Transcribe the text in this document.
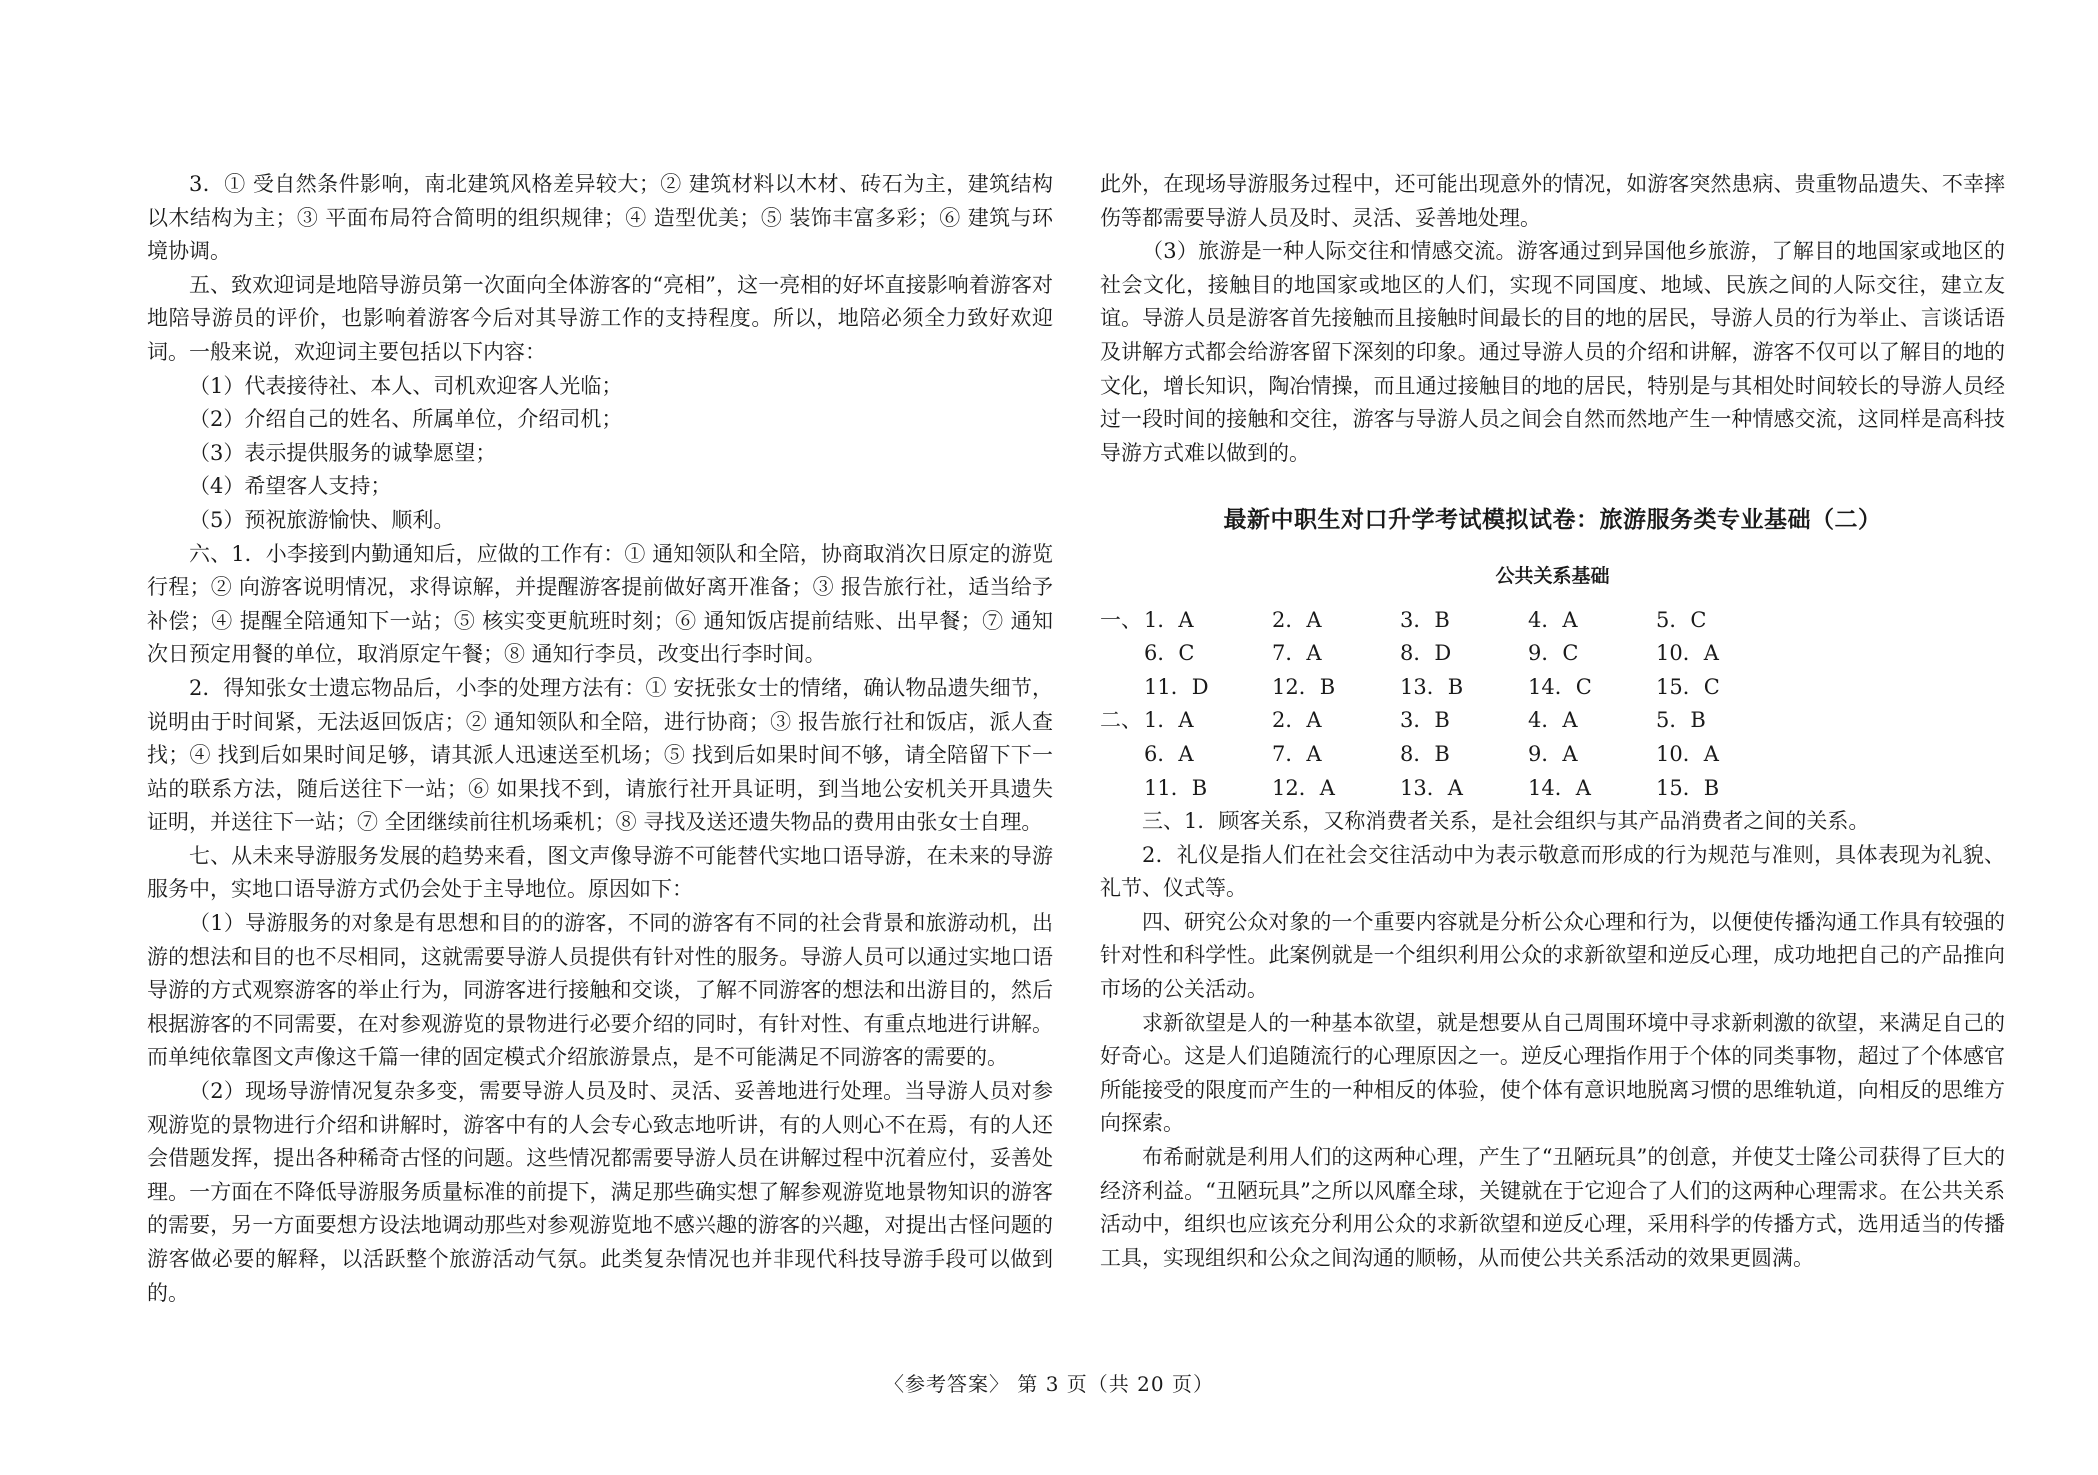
3．① 受自然条件影响，南北建筑风格差异较大；② 建筑材料以木材、砖石为主，建筑结构以木结构为主；③ 平面布局符合简明的组织规律；④ 造型优美；⑤ 装饰丰富多彩；⑥ 建筑与环境协调。

五、致欢迎词是地陪导游员第一次面向全体游客的“亮相”，这一亮相的好坏直接影响着游客对地陪导游员的评价，也影响着游客今后对其导游工作的支持程度。所以，地陪必须全力致好欢迎词。一般来说，欢迎词主要包括以下内容：

（1）代表接待社、本人、司机欢迎客人光临；

（2）介绍自己的姓名、所属单位，介绍司机；

（3）表示提供服务的诚挚愿望；

（4）希望客人支持；

（5）预祝旅游愉快、顺利。

六、1．小李接到内勤通知后，应做的工作有：① 通知领队和全陪，协商取消次日原定的游览行程；② 向游客说明情况，求得谅解，并提醒游客提前做好离开准备；③ 报告旅行社，适当给予补偿；④ 提醒全陪通知下一站；⑤ 核实变更航班时刻；⑥ 通知饭店提前结账、出早餐；⑦ 通知次日预定用餐的单位，取消原定午餐；⑧ 通知行李员，改变出行李时间。

2．得知张女士遗忘物品后，小李的处理方法有：① 安抚张女士的情绪，确认物品遗失细节，说明由于时间紧，无法返回饭店；② 通知领队和全陪，进行协商；③ 报告旅行社和饭店，派人查找；④ 找到后如果时间足够，请其派人迅速送至机场；⑤ 找到后如果时间不够，请全陪留下下一站的联系方法，随后送往下一站；⑥ 如果找不到，请旅行社开具证明，到当地公安机关开具遗失证明，并送往下一站；⑦ 全团继续前往机场乘机；⑧ 寻找及送还遗失物品的费用由张女士自理。

七、从未来导游服务发展的趋势来看，图文声像导游不可能替代实地口语导游，在未来的导游服务中，实地口语导游方式仍会处于主导地位。原因如下：

（1）导游服务的对象是有思想和目的的游客，不同的游客有不同的社会背景和旅游动机，出游的想法和目的也不尽相同，这就需要导游人员提供有针对性的服务。导游人员可以通过实地口语导游的方式观察游客的举止行为，同游客进行接触和交谈，了解不同游客的想法和出游目的，然后根据游客的不同需要，在对参观游览的景物进行必要介绍的同时，有针对性、有重点地进行讲解。而单纯依靠图文声像这千篇一律的固定模式介绍旅游景点，是不可能满足不同游客的需要的。

（2）现场导游情况复杂多变，需要导游人员及时、灵活、妥善地进行处理。当导游人员对参观游览的景物进行介绍和讲解时，游客中有的人会专心致志地听讲，有的人则心不在焉，有的人还会借题发挥，提出各种稀奇古怪的问题。这些情况都需要导游人员在讲解过程中沉着应付，妥善处理。一方面在不降低导游服务质量标准的前提下，满足那些确实想了解参观游览地景物知识的游客的需要，另一方面要想方设法地调动那些对参观游览地不感兴趣的游客的兴趣，对提出古怪问题的游客做必要的解释，以活跃整个旅游活动气氛。此类复杂情况也并非现代科技导游手段可以做到的。

此外，在现场导游服务过程中，还可能出现意外的情况，如游客突然患病、贵重物品遗失、不幸摔伤等都需要导游人员及时、灵活、妥善地处理。

（3）旅游是一种人际交往和情感交流。游客通过到异国他乡旅游，了解目的地国家或地区的社会文化，接触目的地国家或地区的人们，实现不同国度、地域、民族之间的人际交往，建立友谊。导游人员是游客首先接触而且接触时间最长的目的地的居民，导游人员的行为举止、言谈话语及讲解方式都会给游客留下深刻的印象。通过导游人员的介绍和讲解，游客不仅可以了解目的地的文化，增长知识，陶冶情操，而且通过接触目的地的居民，特别是与其相处时间较长的导游人员经过一段时间的接触和交往，游客与导游人员之间会自然而然地产生一种情感交流，这同样是高科技导游方式难以做到的。

最新中职生对口升学考试模拟试卷：旅游服务类专业基础（二）
公共关系基础
一、 1．A	2．A	3．B	4．A	5．C
6．C	7．A	8．D	9．C	10．A
11．D	12．B	13．B	14．C	15．C
二、 1．A	2．A	3．B	4．A	5．B
6．A	7．A	8．B	9．A	10．A
11．B	12．A	13．A	14．A	15．B

三、1．顾客关系，又称消费者关系，是社会组织与其产品消费者之间的关系。

2．礼仪是指人们在社会交往活动中为表示敬意而形成的行为规范与准则，具体表现为礼貌、礼节、仪式等。

四、研究公众对象的一个重要内容就是分析公众心理和行为，以便使传播沟通工作具有较强的针对性和科学性。此案例就是一个组织利用公众的求新欲望和逆反心理，成功地把自己的产品推向市场的公关活动。

求新欲望是人的一种基本欲望，就是想要从自己周围环境中寻求新刺激的欲望，来满足自己的好奇心。这是人们追随流行的心理原因之一。逆反心理指作用于个体的同类事物，超过了个体感官所能接受的限度而产生的一种相反的体验，使个体有意识地脱离习惯的思维轨道，向相反的思维方向探索。

布希耐就是利用人们的这两种心理，产生了“丑陋玩具”的创意，并使艾士隆公司获得了巨大的经济利益。“丑陋玩具”之所以风靡全球，关键就在于它迎合了人们的这两种心理需求。在公共关系活动中，组织也应该充分利用公众的求新欲望和逆反心理，采用科学的传播方式，选用适当的传播工具，实现组织和公众之间沟通的顺畅，从而使公共关系活动的效果更圆满。

〈参考答案〉 第 3 页（共 20 页）
